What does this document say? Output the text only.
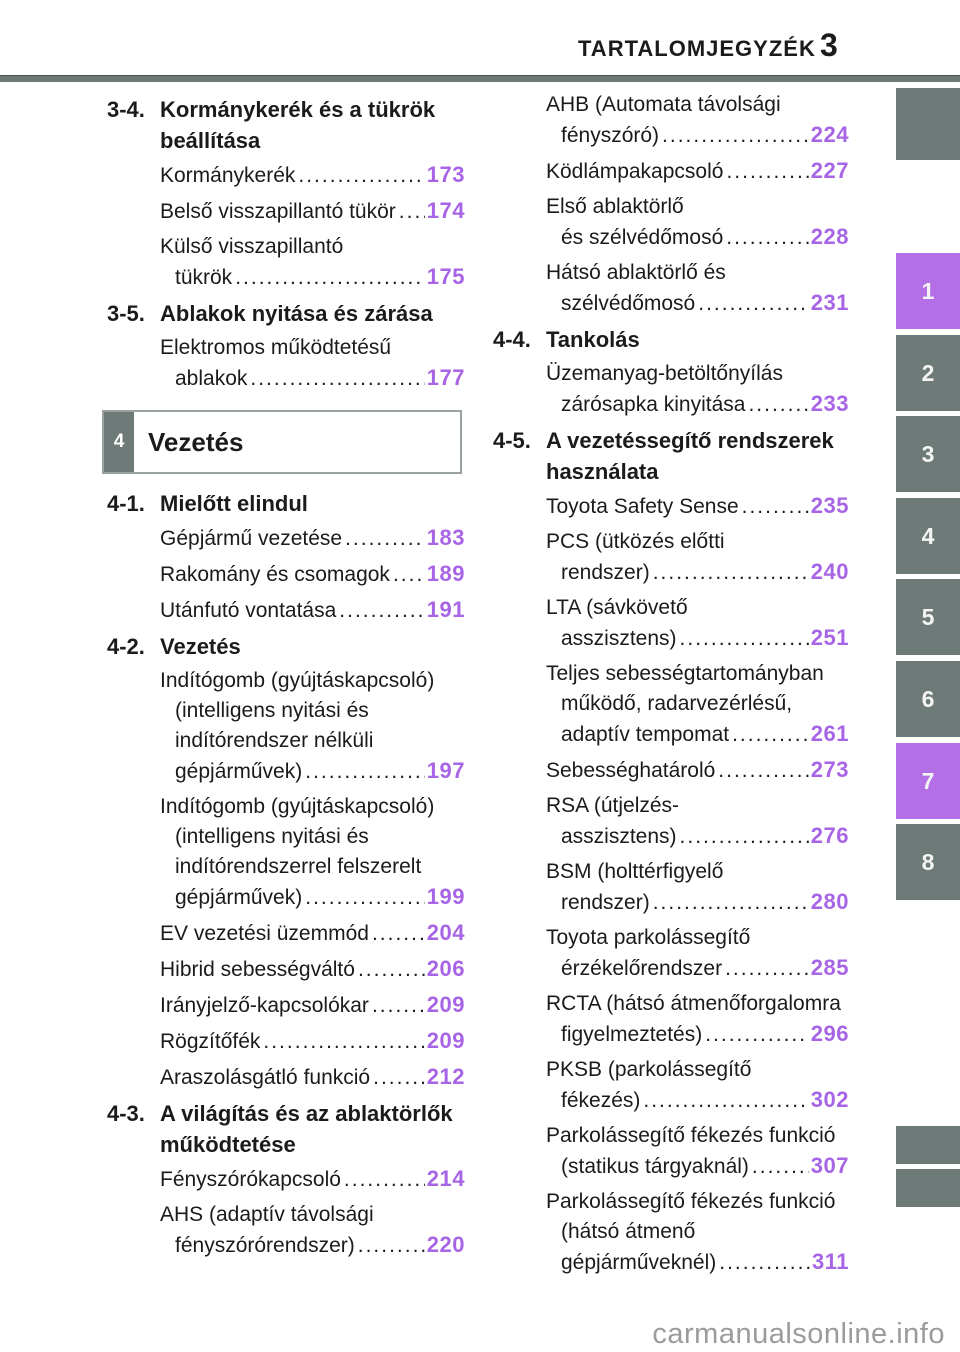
TARTALOMJEGYZÉK 3
3-4. Kormánykerék és a tükrök
beállítása
Kormánykerék .....	173
Belső visszapillantó tükör ..... 174
Külső visszapillantó
tükrök .....	175
3-5. Ablakok nyitása és zárása
Elektromos működtetésű
ablakok .....	177
4 Vezetés
4-1. Mielőtt elindul
Gépjármű vezetése .....	183
Rakomány és csomagok ..... 189
Utánfutó vontatása .....	191
4-2. Vezetés
Indítógomb (gyújtáskapcsoló)
(intelligens nyitási és
indítórendszer nélküli
gépjárművek) .....	197
Indítógomb (gyújtáskapcsoló)
(intelligens nyitási és
indítórendszerrel felszerelt
gépjárművek) .....	199
EV vezetési üzemmód .....	204
Hibrid sebességváltó .....	206
Irányjelző-kapcsolókar .....	209
Rögzítőfék .....	209
Araszolásgátló funkció .....	212
4-3. A világítás és az ablaktörlők
működtetése
Fényszórókapcsoló .....	214
AHS (adaptív távolsági
fényszórórendszer) .....	220
AHB (Automata távolsági
fényszóró) .....	224
Ködlámpakapcsoló .....	227
Első ablaktörlő
és szélvédőmosó .....	228
Hátsó ablaktörlő és
szélvédőmosó .....	231
4-4. Tankolás
Üzemanyag-betöltőnyílás
zárósapka kinyitása .....	233
4-5. A vezetéssegítő rendszerek
használata
Toyota Safety Sense .....	235
PCS (ütközés előtti
rendszer) .....	240
LTA (sávkövető
asszisztens) .....	251
Teljes sebességtartományban
működő, radarvezérlésű,
adaptív tempomat .....	261
Sebességhatároló .....	273
RSA (útjelzés-
asszisztens) .....	276
BSM (holttérfigyelő
rendszer) .....	280
Toyota parkolássegítő
érzékelőrendszer .....	285
RCTA (hátsó átmenőforgalomra
figyelmeztetés) .....	296
PKSB (parkolássegítő
fékezés) .....	302
Parkolássegítő fékezés funkció
(statikus tárgyaknál) .....	307
Parkolássegítő fékezés funkció
(hátsó átmenő
gépjárműveknél) .....	311
1
2
3
4
5
6
7
8
carmanualsonline.info
